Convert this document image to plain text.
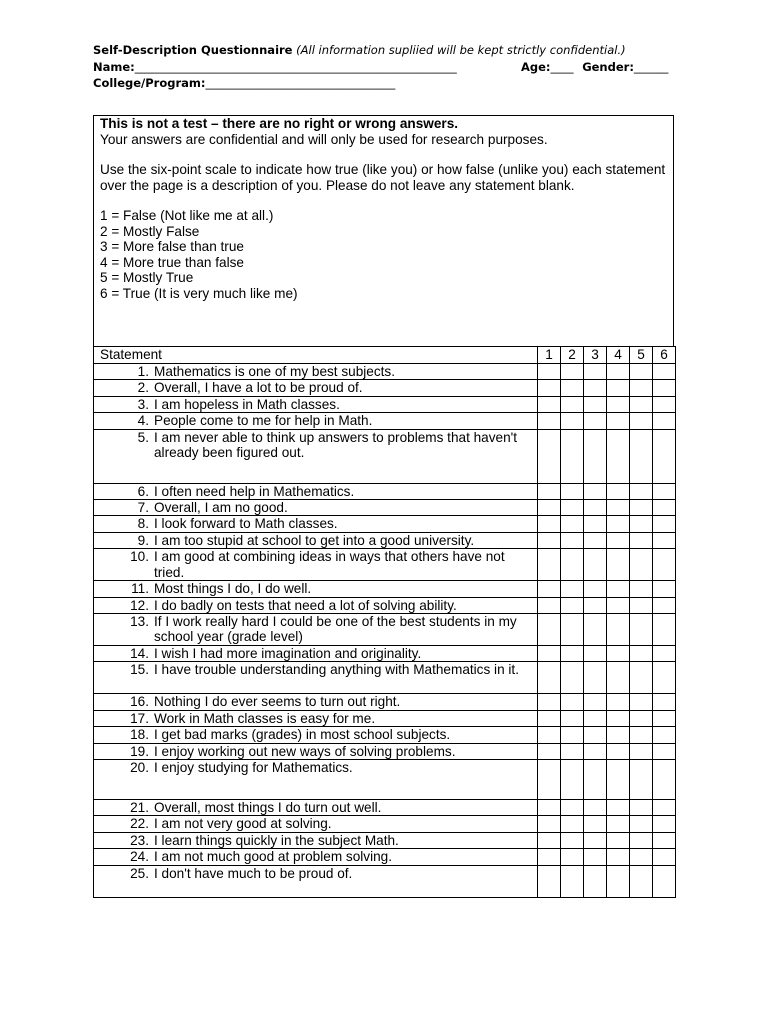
Self-Description Questionnaire (All information supliied will be kept strictly confidential.)
Name:________________________________________________________	Age:____ Gender:______
College/Program:_________________________________

This is not a test – there are no right or wrong answers.

Your answers are confidential and will only be used for research purposes.

Use the six-point scale to indicate how true (like you) or how false (unlike you) each statement over the page is a description of you. Please do not leave any statement blank.

1 = False (Not like me at all.)
2 = Mostly False
3 = More false than true
4 = More true than false
5 = Mostly True
6 = True (It is very much like me)
Statement	1	2	3	4	5	6

1. Mathematics is one of my best subjects.						

2. Overall, I have a lot to be proud of.						

3. I am hopeless in Math classes.						

4. People come to me for help in Math.						

5. I am never able to think up answers to problems that haven't already been figured out.						

6. I often need help in Mathematics.						

7. Overall, I am no good.						

8. I look forward to Math classes.						

9. I am too stupid at school to get into a good university.						

10. I am good at combining ideas in ways that others have not tried.						

11. Most things I do, I do well.						

12. I do badly on tests that need a lot of solving ability.						

13. If I work really hard I could be one of the best students in my school year (grade level)						

14. I wish I had more imagination and originality.						

15. I have trouble understanding anything with Mathematics in it.						

16. Nothing I do ever seems to turn out right.						

17. Work in Math classes is easy for me.						

18. I get bad marks (grades) in most school subjects.						

19. I enjoy working out new ways of solving problems.						

20. I enjoy studying for Mathematics.						

21. Overall, most things I do turn out well.						

22. I am not very good at solving.						

23. I learn things quickly in the subject Math.						

24. I am not much good at problem solving.						

25. I don't have much to be proud of.						
